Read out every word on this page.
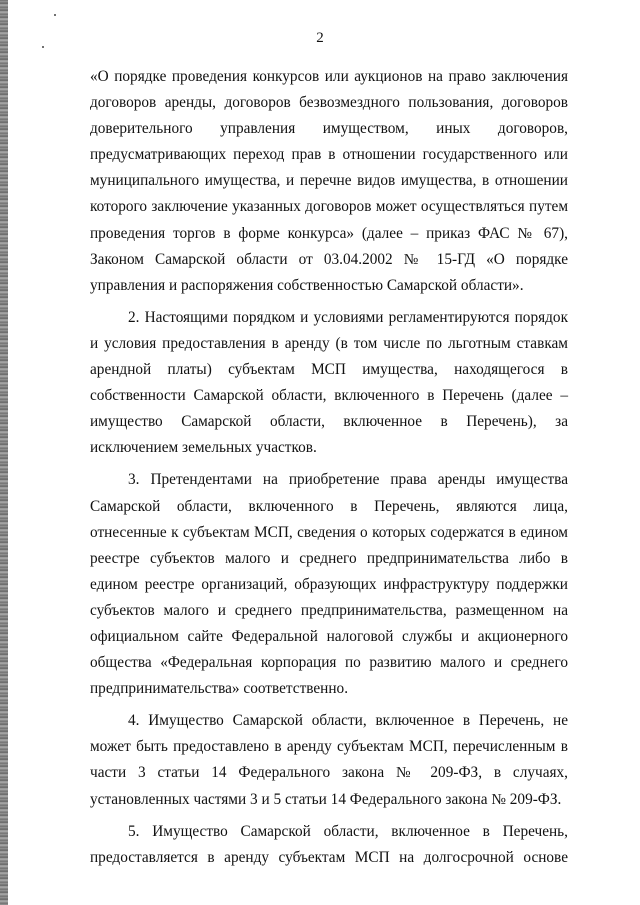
2

«О порядке проведения конкурсов или аукционов на право заключения договоров аренды, договоров безвозмездного пользования, договоров доверительного управления имуществом, иных договоров, предусматривающих переход прав в отношении государственного или муниципального имущества, и перечне видов имущества, в отношении которого заключение указанных договоров может осуществляться путем проведения торгов в форме конкурса» (далее – приказ ФАС № 67), Законом Самарской области от 03.04.2002 № 15-ГД «О порядке управления и распоряжения собственностью Самарской области».

2. Настоящими порядком и условиями регламентируются порядок и условия предоставления в аренду (в том числе по льготным ставкам арендной платы) субъектам МСП имущества, находящегося в собственности Самарской области, включенного в Перечень (далее – имущество Самарской области, включенное в Перечень), за исключением земельных участков.

3. Претендентами на приобретение права аренды имущества Самарской области, включенного в Перечень, являются лица, отнесенные к субъектам МСП, сведения о которых содержатся в едином реестре субъектов малого и среднего предпринимательства либо в едином реестре организаций, образующих инфраструктуру поддержки субъектов малого и среднего предпринимательства, размещенном на официальном сайте Федеральной налоговой службы и акционерного общества «Федеральная корпорация по развитию малого и среднего предпринимательства» соответственно.

4. Имущество Самарской области, включенное в Перечень, не может быть предоставлено в аренду субъектам МСП, перечисленным в части 3 статьи 14 Федерального закона № 209-ФЗ, в случаях, установленных частями 3 и 5 статьи 14 Федерального закона № 209-ФЗ.

5. Имущество Самарской области, включенное в Перечень, предоставляется в аренду субъектам МСП на долгосрочной основе
